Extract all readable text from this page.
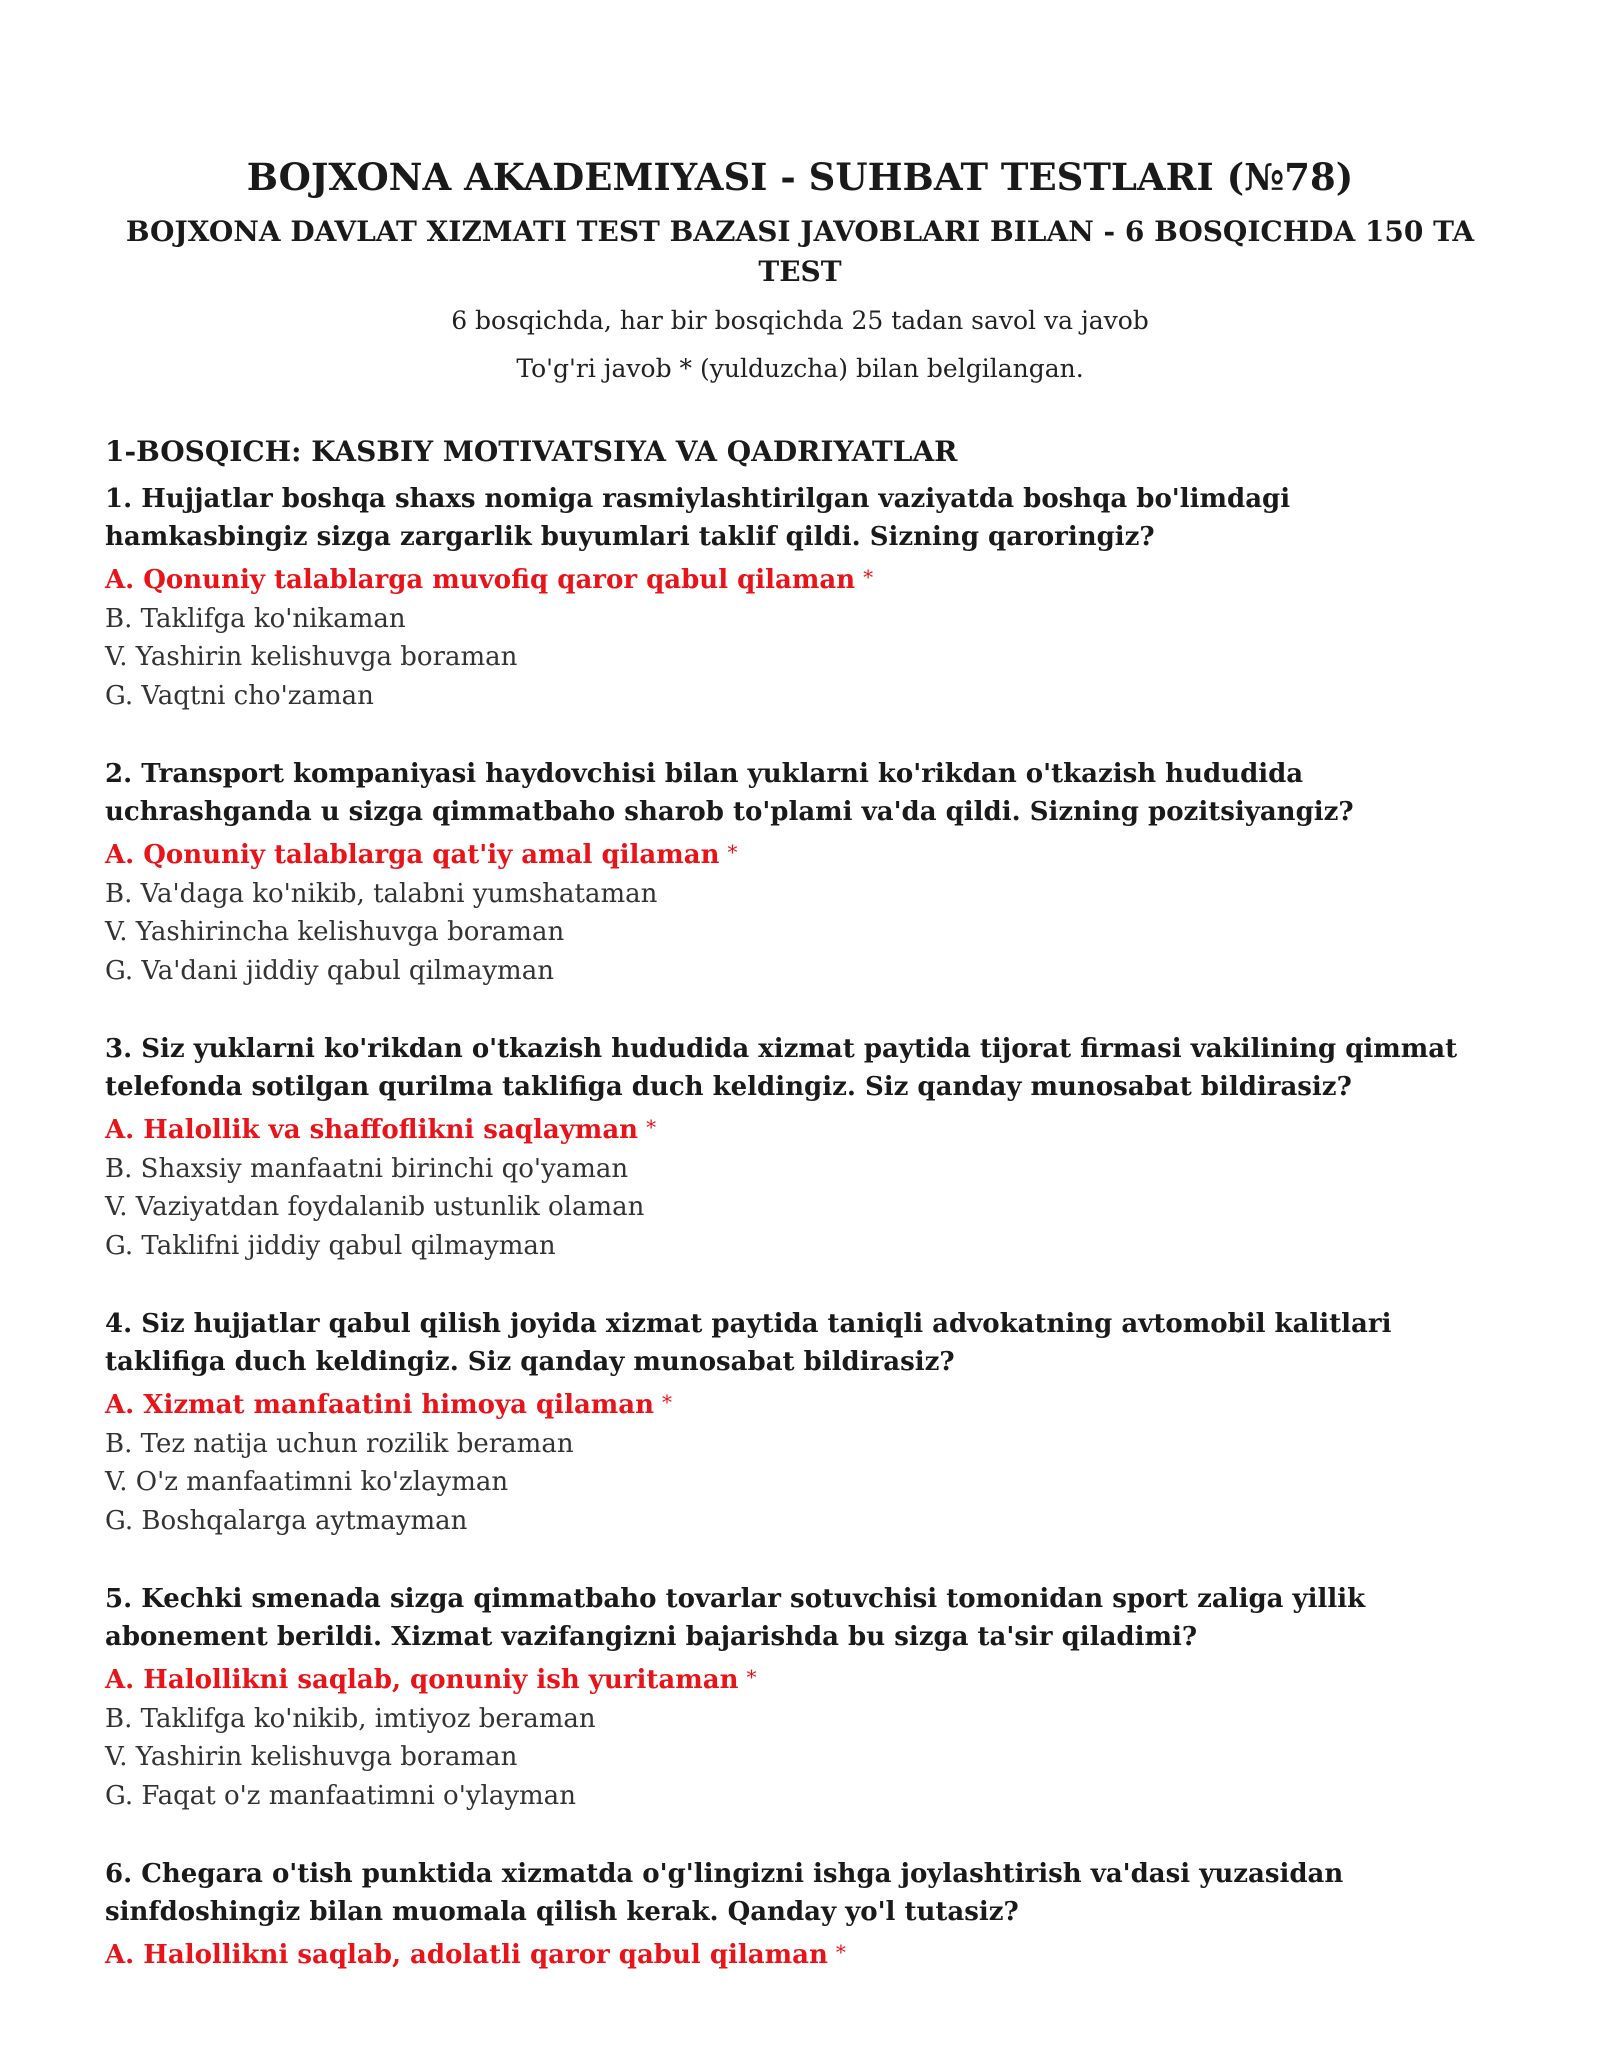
BOJXONA AKADEMIYASI - SUHBAT TESTLARI (№78)
BOJXONA DAVLAT XIZMATI TEST BAZASI JAVOBLARI BILAN - 6 BOSQICHDA 150 TA TEST

6 bosqichda, har bir bosqichda 25 tadan savol va javob

To'g'ri javob * (yulduzcha) bilan belgilangan.

1-BOSQICH: KASBIY MOTIVATSIYA VA QADRIYATLAR

1. Hujjatlar boshqa shaxs nomiga rasmiylashtirilgan vaziyatda boshqa bo'limdagi hamkasbingiz sizga zargarlik buyumlari taklif qildi. Sizning qaroringiz?

A. Qonuniy talablarga muvofiq qaror qabul qilaman *

B. Taklifga ko'nikaman

V. Yashirin kelishuvga boraman

G. Vaqtni cho'zaman

2. Transport kompaniyasi haydovchisi bilan yuklarni ko'rikdan o'tkazish hududida uchrashganda u sizga qimmatbaho sharob to'plami va'da qildi. Sizning pozitsiyangiz?

A. Qonuniy talablarga qat'iy amal qilaman *

B. Va'daga ko'nikib, talabni yumshataman

V. Yashirincha kelishuvga boraman

G. Va'dani jiddiy qabul qilmayman

3. Siz yuklarni ko'rikdan o'tkazish hududida xizmat paytida tijorat firmasi vakilining qimmat telefonda sotilgan qurilma taklifiga duch keldingiz. Siz qanday munosabat bildirasiz?

A. Halollik va shaffoflikni saqlayman *

B. Shaxsiy manfaatni birinchi qo'yaman

V. Vaziyatdan foydalanib ustunlik olaman

G. Taklifni jiddiy qabul qilmayman

4. Siz hujjatlar qabul qilish joyida xizmat paytida taniqli advokatning avtomobil kalitlari taklifiga duch keldingiz. Siz qanday munosabat bildirasiz?

A. Xizmat manfaatini himoya qilaman *

B. Tez natija uchun rozilik beraman

V. O'z manfaatimni ko'zlayman

G. Boshqalarga aytmayman

5. Kechki smenada sizga qimmatbaho tovarlar sotuvchisi tomonidan sport zaliga yillik abonement berildi. Xizmat vazifangizni bajarishda bu sizga ta'sir qiladimi?

A. Halollikni saqlab, qonuniy ish yuritaman *

B. Taklifga ko'nikib, imtiyoz beraman

V. Yashirin kelishuvga boraman

G. Faqat o'z manfaatimni o'ylayman

6. Chegara o'tish punktida xizmatda o'g'lingizni ishga joylashtirish va'dasi yuzasidan sinfdoshingiz bilan muomala qilish kerak. Qanday yo'l tutasiz?

A. Halollikni saqlab, adolatli qaror qabul qilaman *
